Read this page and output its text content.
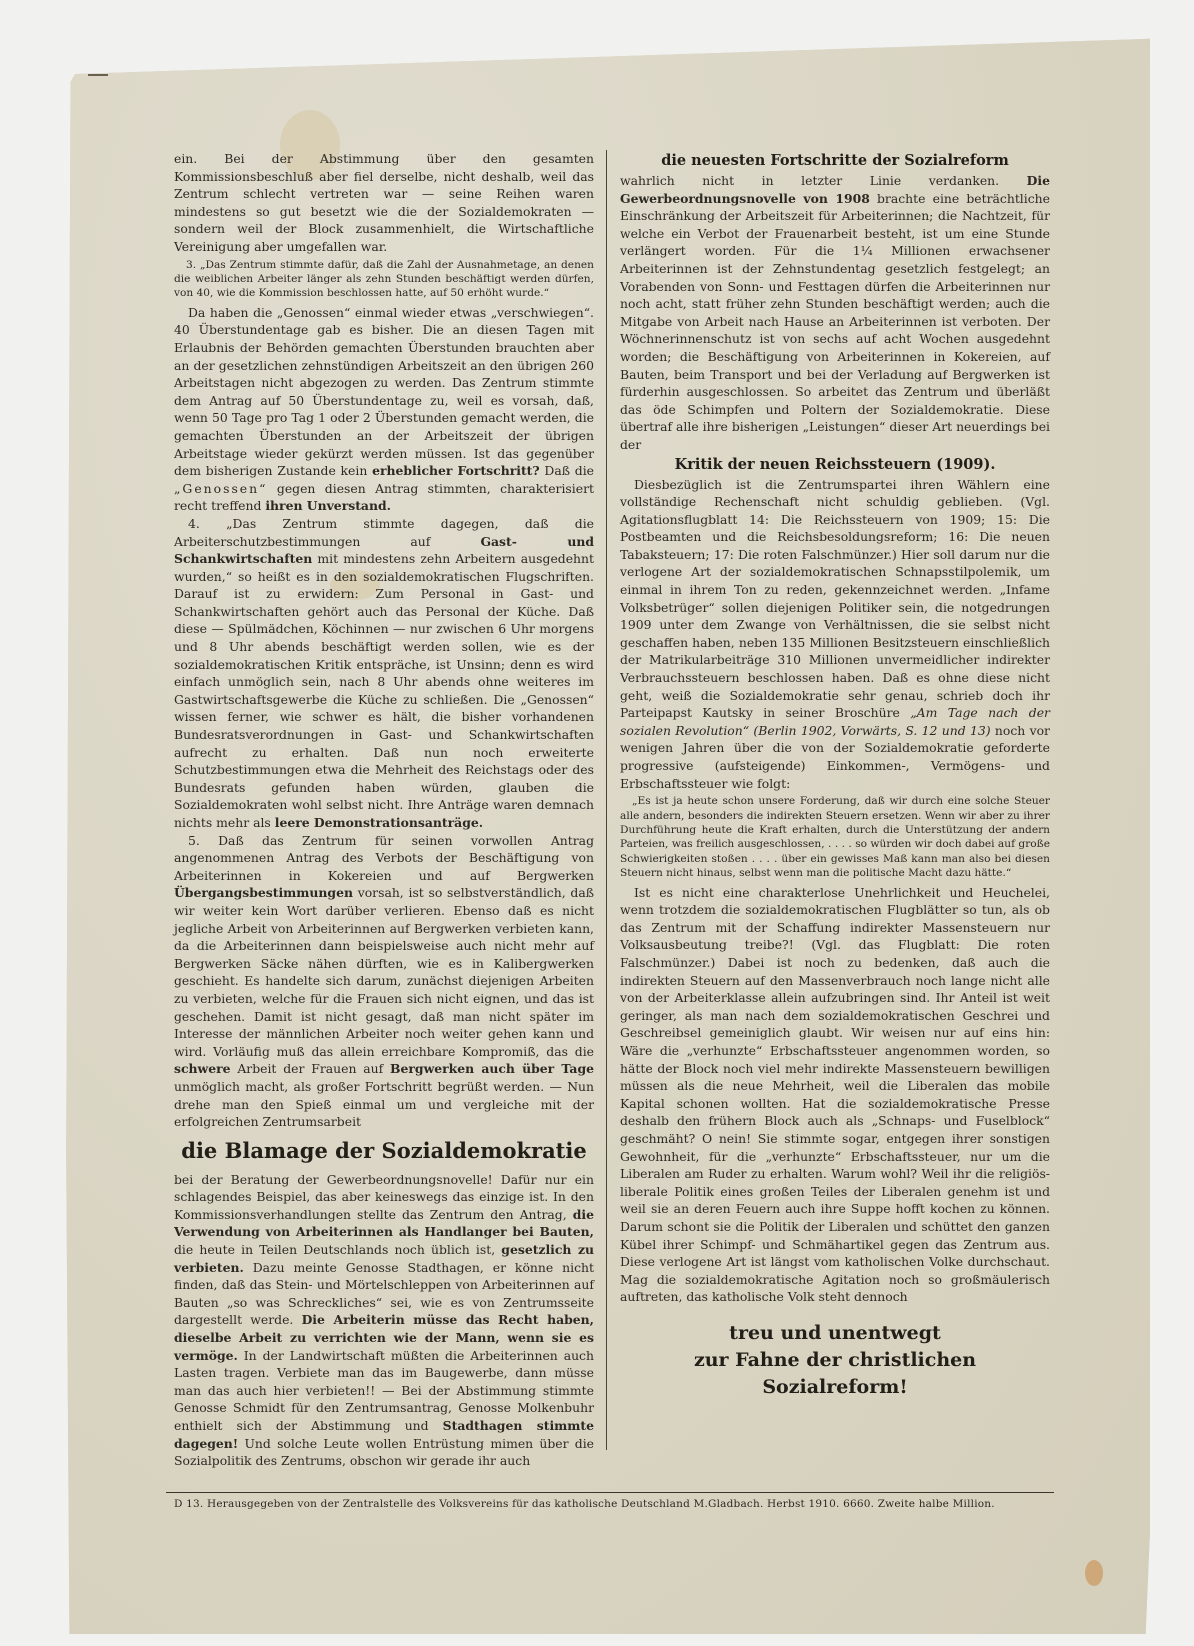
ein. Bei der Abstimmung über den gesamten Kommissionsbeschluß aber fiel derselbe, nicht deshalb, weil das Zentrum schlecht vertreten war — seine Reihen waren mindestens so gut besetzt wie die der Sozialdemokraten — sondern weil der Block zusammenhielt, die Wirtschaftliche Vereinigung aber umgefallen war.

3. „Das Zentrum stimmte dafür, daß die Zahl der Ausnahmetage, an denen die weiblichen Arbeiter länger als zehn Stunden beschäftigt werden dürfen, von 40, wie die Kommission beschlossen hatte, auf 50 erhöht wurde.“

Da haben die „Genossen“ einmal wieder etwas „verschwiegen“. 40 Überstundentage gab es bisher. Die an diesen Tagen mit Erlaubnis der Behörden gemachten Überstunden brauchten aber an der gesetzlichen zehnstündigen Arbeitszeit an den übrigen 260 Arbeitstagen nicht abgezogen zu werden. Das Zentrum stimmte dem Antrag auf 50 Überstundentage zu, weil es vorsah, daß, wenn 50 Tage pro Tag 1 oder 2 Überstunden gemacht werden, die gemachten Überstunden an der Arbeitszeit der übrigen Arbeitstage wieder gekürzt werden müssen. Ist das gegenüber dem bisherigen Zustande kein erheblicher Fortschritt? Daß die „Genossen“ gegen diesen Antrag stimmten, charakterisiert recht treffend ihren Unverstand.

4. „Das Zentrum stimmte dagegen, daß die Arbeiterschutzbestimmungen auf	Gast- und Schankwirtschaften mit mindestens zehn Arbeitern ausgedehnt wurden,“ so heißt es in den sozialdemokratischen Flugschriften. Darauf ist zu erwidern: Zum Personal in Gast- und Schankwirtschaften gehört auch das Personal der Küche. Daß diese — Spülmädchen, Köchinnen — nur zwischen 6 Uhr morgens und 8 Uhr abends beschäftigt werden sollen, wie es der sozialdemokratischen Kritik entspräche, ist Unsinn; denn es wird einfach unmöglich sein, nach 8 Uhr abends ohne weiteres im Gastwirtschaftsgewerbe die Küche zu schließen. Die „Genossen“ wissen ferner, wie schwer es hält, die bisher vorhandenen Bundesratsverordnungen in Gast- und Schankwirtschaften aufrecht zu erhalten. Daß nun noch erweiterte Schutzbestimmungen etwa die Mehrheit des Reichstags oder des Bundesrats gefunden haben würden, glauben die Sozialdemokraten wohl selbst nicht. Ihre Anträge waren demnach nichts mehr als leere Demonstrationsanträge.

5. Daß das Zentrum für seinen vorwollen Antrag angenommenen Antrag des Verbots der Beschäftigung von Arbeiterinnen in Kokereien und auf Bergwerken Übergangsbestimmungen vorsah, ist so selbstverständlich, daß wir weiter kein Wort darüber verlieren. Ebenso daß es nicht jegliche Arbeit von Arbeiterinnen auf Bergwerken verbieten kann, da die Arbeiterinnen dann beispielsweise auch nicht mehr auf Bergwerken Säcke nähen dürften, wie es in Kalibergwerken geschieht. Es handelte sich darum, zunächst diejenigen Arbeiten zu verbieten, welche für die Frauen sich nicht eignen, und das ist geschehen. Damit ist nicht gesagt, daß man nicht später im Interesse der männlichen Arbeiter noch weiter gehen kann und wird. Vorläufig muß das allein erreichbare Kompromiß, das die schwere Arbeit der Frauen auf Bergwerken auch über Tage unmöglich macht, als großer Fortschritt begrüßt werden. — Nun drehe man den Spieß einmal um und vergleiche mit der erfolgreichen Zentrumsarbeit

die Blamage der Sozialdemokratie

bei der Beratung der Gewerbeordnungsnovelle! Dafür nur ein schlagendes Beispiel, das aber keineswegs das einzige ist. In den Kommissionsverhandlungen stellte das Zentrum den Antrag, die Verwendung von Arbeiterinnen als Handlanger bei Bauten, die heute in Teilen Deutschlands noch üblich ist, gesetzlich zu verbieten. Dazu meinte Genosse Stadthagen, er könne nicht finden, daß das Stein- und Mörtelschleppen von Arbeiterinnen auf Bauten „so was Schreckliches“ sei, wie es von Zentrumsseite dargestellt werde. Die Arbeiterin müsse das Recht haben, dieselbe Arbeit zu verrichten wie der Mann, wenn sie es vermöge. In der Landwirtschaft müßten die Arbeiterinnen auch Lasten tragen. Verbiete man das im Baugewerbe, dann müsse man das auch hier verbieten!! — Bei der Abstimmung stimmte Genosse Schmidt für den Zentrumsantrag, Genosse Molkenbuhr enthielt sich der Abstimmung und Stadthagen stimmte dagegen! Und solche Leute wollen Entrüstung mimen über die Sozialpolitik des Zentrums, obschon wir gerade ihr auch

die neuesten Fortschritte der Sozialreform

wahrlich nicht in letzter Linie verdanken. Die Gewerbeordnungsnovelle von 1908 brachte eine beträchtliche Einschränkung der Arbeitszeit für Arbeiterinnen; die Nachtzeit, für welche ein Verbot der Frauenarbeit besteht, ist um eine Stunde verlängert worden. Für die 1¼ Millionen erwachsener Arbeiterinnen ist der Zehnstundentag gesetzlich festgelegt; an Vorabenden von Sonn- und Festtagen dürfen die Arbeiterinnen nur noch acht, statt früher zehn Stunden beschäftigt werden; auch die Mitgabe von Arbeit nach Hause an Arbeiterinnen ist verboten. Der Wöchnerinnenschutz ist von sechs auf acht Wochen ausgedehnt worden; die Beschäftigung von Arbeiterinnen in Kokereien, auf Bauten, beim Transport und bei der Verladung auf Bergwerken ist fürderhin ausgeschlossen. So arbeitet das Zentrum und überläßt das öde Schimpfen und Poltern der Sozialdemokratie. Diese übertraf alle ihre bisherigen „Leistungen“ dieser Art neuerdings bei der

Kritik der neuen Reichssteuern (1909).

Diesbezüglich ist die Zentrumspartei ihren Wählern eine vollständige Rechenschaft nicht schuldig geblieben. (Vgl. Agitationsflugblatt 14: Die Reichssteuern von 1909; 15: Die Postbeamten und die Reichsbesoldungsreform; 16: Die neuen Tabaksteuern; 17: Die roten Falschmünzer.) Hier soll darum nur die verlogene Art der sozialdemokratischen Schnapsstilpolemik, um einmal in ihrem Ton zu reden, gekennzeichnet werden. „Infame Volksbetrüger“ sollen diejenigen Politiker sein, die notgedrungen 1909 unter dem Zwange von Verhältnissen, die sie selbst nicht geschaffen haben, neben 135 Millionen Besitzsteuern einschließlich der Matrikularbeiträge 310 Millionen unvermeidlicher indirekter Verbrauchssteuern beschlossen haben. Daß es ohne diese nicht geht, weiß die Sozialdemokratie sehr genau, schrieb doch ihr Parteipapst Kautsky in seiner Broschüre „Am Tage nach der sozialen Revolution“ (Berlin 1902, Vorwärts, S. 12 und 13) noch vor wenigen Jahren über die von der Sozialdemokratie geforderte progressive (aufsteigende) Einkommen-, Vermögens- und Erbschaftssteuer wie folgt:

„Es ist ja heute schon unsere Forderung, daß wir durch eine solche Steuer alle andern, besonders die indirekten Steuern ersetzen. Wenn wir aber zu ihrer Durchführung heute die Kraft erhalten, durch die Unterstützung der andern Parteien, was freilich ausgeschlossen, . . . . so würden wir doch dabei auf große Schwierigkeiten stoßen . . . . über ein gewisses Maß kann man also bei diesen Steuern nicht hinaus, selbst wenn man die politische Macht dazu hätte.“

Ist es nicht eine charakterlose Unehrlichkeit und Heuchelei, wenn trotzdem die sozialdemokratischen Flugblätter so tun, als ob das Zentrum mit der Schaffung indirekter Massensteuern nur Volksausbeutung treibe?! (Vgl. das Flugblatt: Die roten Falschmünzer.) Dabei ist noch zu bedenken, daß auch die indirekten Steuern auf den Massenverbrauch noch lange nicht alle von der Arbeiterklasse allein aufzubringen sind. Ihr Anteil ist weit geringer, als man nach dem sozialdemokratischen Geschrei und Geschreibsel gemeiniglich glaubt. Wir weisen nur auf eins hin: Wäre die „verhunzte“ Erbschaftssteuer angenommen worden, so hätte der Block noch viel mehr indirekte Massensteuern bewilligen müssen als die neue Mehrheit, weil die Liberalen das mobile Kapital schonen wollten. Hat die sozialdemokratische Presse deshalb den frühern Block auch als „Schnaps- und Fuselblock“ geschmäht? O nein! Sie stimmte sogar, entgegen ihrer sonstigen Gewohnheit, für die „verhunzte“ Erbschaftssteuer, nur um die Liberalen am Ruder zu erhalten. Warum wohl? Weil ihr die religiös-liberale Politik eines großen Teiles der Liberalen genehm ist und weil sie an deren Feuern auch ihre Suppe hofft kochen zu können. Darum schont sie die Politik der Liberalen und schüttet den ganzen Kübel ihrer Schimpf- und Schmähartikel gegen das Zentrum aus. Diese verlogene Art ist längst vom katholischen Volke durchschaut. Mag die sozialdemokratische Agitation noch so großmäulerisch auftreten, das katholische Volk steht dennoch

treu und unentwegt
zur Fahne der christlichen Sozialreform!
D 13. Herausgegeben von der Zentralstelle des Volksvereins für das katholische Deutschland M.Gladbach. Herbst 1910. 6660. Zweite halbe Million.
